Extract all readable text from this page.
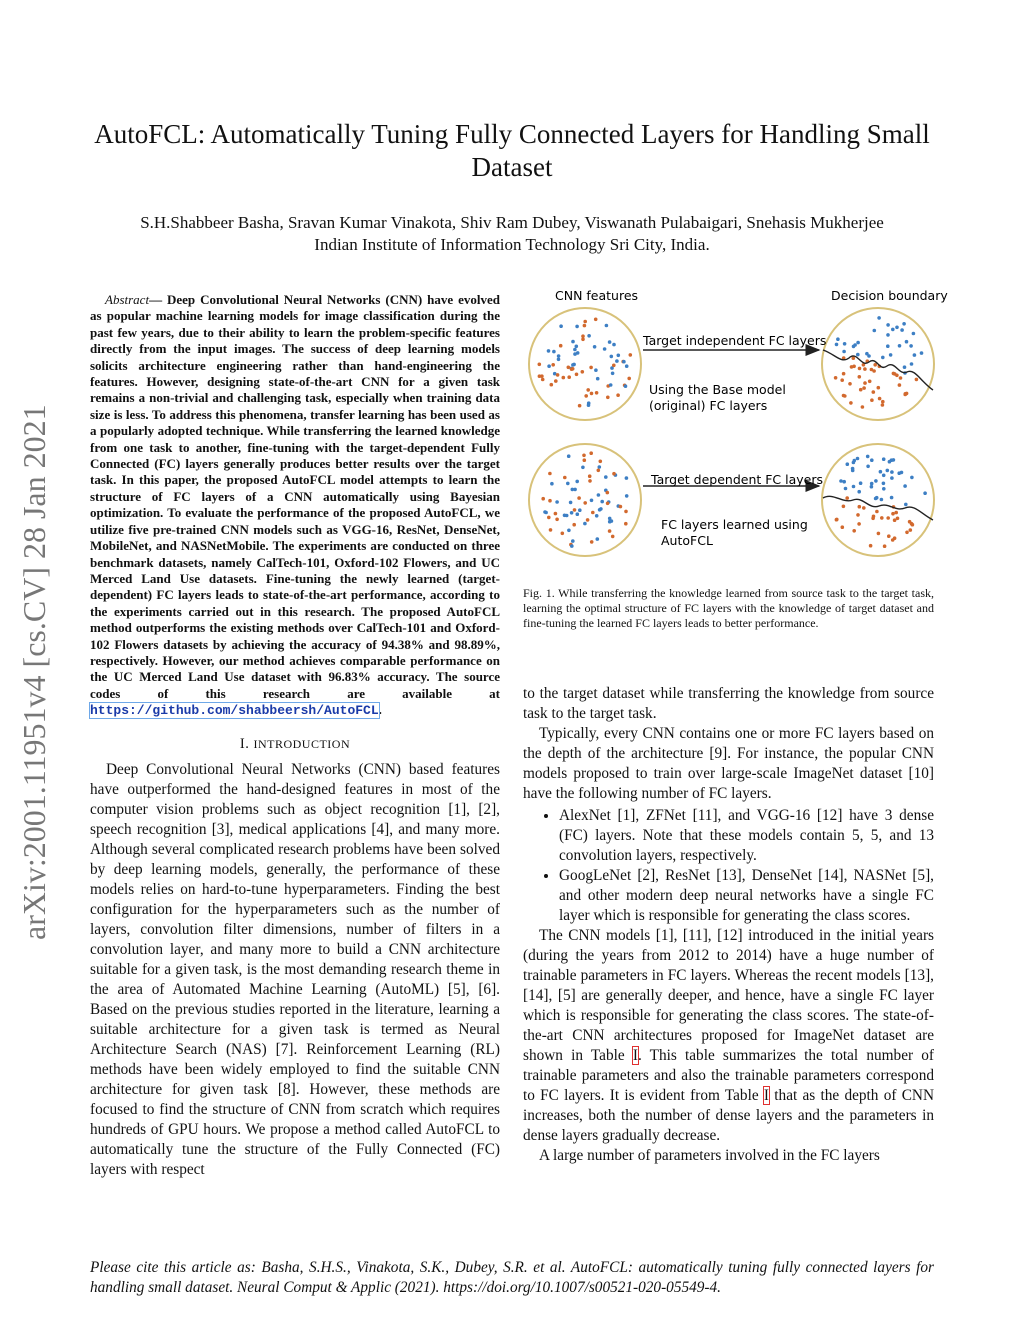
AutoFCL: Automatically Tuning Fully Connected Layers for Handling Small Dataset
S.H.Shabbeer Basha, Sravan Kumar Vinakota, Shiv Ram Dubey, Viswanath Pulabaigari, Snehasis Mukherjee
Indian Institute of Information Technology Sri City, India.
arXiv:2001.11951v4 [cs.CV] 28 Jan 2021

Abstract— Deep Convolutional Neural Networks (CNN) have evolved as popular machine learning models for image classification during the past few years, due to their ability to learn the problem-specific features directly from the input images. The success of deep learning models solicits architecture engineering rather than hand-engineering the features. However, designing state-of-the-art CNN for a given task remains a non-trivial and challenging task, especially when training data size is less. To address this phenomena, transfer learning has been used as a popularly adopted technique. While transferring the learned knowledge from one task to another, fine-tuning with the target-dependent Fully Connected (FC) layers generally produces better results over the target task. In this paper, the proposed AutoFCL model attempts to learn the structure of FC layers of a CNN automatically using Bayesian optimization. To evaluate the performance of the proposed AutoFCL, we utilize five pre-trained CNN models such as VGG-16, ResNet, DenseNet, MobileNet, and NASNetMobile. The experiments are conducted on three benchmark datasets, namely CalTech-101, Oxford-102 Flowers, and UC Merced Land Use datasets. Fine-tuning the newly learned (target-dependent) FC layers leads to state-of-the-art performance, according to the experiments carried out in this research. The proposed AutoFCL method outperforms the existing methods over CalTech-101 and Oxford-102 Flowers datasets by achieving the accuracy of 94.38% and 98.89%, respectively. However, our method achieves comparable performance on the UC Merced Land Use dataset with 96.83% accuracy. The source codes of this research are available at https://github.com/shabbeersh/AutoFCL.

I. INTRODUCTION

Deep Convolutional Neural Networks (CNN) based features have outperformed the hand-designed features in most of the computer vision problems such as object recognition [1], [2], speech recognition [3], medical applications [4], and many more. Although several complicated research problems have been solved by deep learning models, generally, the performance of these models relies on hard-to-tune hyperparameters. Finding the best configuration for the hyperparameters such as the number of layers, convolution filter dimensions, number of filters in a convolution layer, and many more to build a CNN architecture suitable for a given task, is the most demanding research theme in the area of Automated Machine Learning (AutoML) [5], [6]. Based on the previous studies reported in the literature, learning a suitable architecture for a given task is termed as Neural Architecture Search (NAS) [7]. Reinforcement Learning (RL) methods have been widely employed to find the suitable CNN architecture for given task [8]. However, these methods are focused to find the structure of CNN from scratch which requires hundreds of GPU hours. We propose a method called AutoFCL to automatically tune the structure of the Fully Connected (FC) layers with respect

CNN features	Decision boundary
Target independent FC layers
Using the Base model
(original) FC layers
Target dependent FC layers
FC layers learned using
AutoFCL
Fig. 1. While transferring the knowledge learned from source task to the target task, learning the optimal structure of FC layers with the knowledge of target dataset and fine-tuning the learned FC layers leads to better performance.

to the target dataset while transferring the knowledge from source task to the target task.

Typically, every CNN contains one or more FC layers based on the depth of the architecture [9]. For instance, the popular CNN models proposed to train over large-scale ImageNet dataset [10] have the following number of FC layers.

• AlexNet [1], ZFNet [11], and VGG-16 [12] have 3 dense (FC) layers. Note that these models contain 5, 5, and 13 convolution layers, respectively.
• GoogLeNet [2], ResNet [13], DenseNet [14], NASNet [5], and other modern deep neural networks have a single FC layer which is responsible for generating the class scores.

The CNN models [1], [11], [12] introduced in the initial years (during the years from 2012 to 2014) have a huge number of trainable parameters in FC layers. Whereas the recent models [13], [14], [5] are generally deeper, and hence, have a single FC layer which is responsible for generating the class scores. The state-of-the-art CNN architectures proposed for ImageNet dataset are shown in Table I. This table summarizes the total number of trainable parameters and also the trainable parameters correspond to FC layers. It is evident from Table I that as the depth of CNN increases, both the number of dense layers and the parameters in dense layers gradually decrease.

A large number of parameters involved in the FC layers

Please cite this article as: Basha, S.H.S., Vinakota, S.K., Dubey, S.R. et al. AutoFCL: automatically tuning fully connected layers for handling small dataset. Neural Comput & Applic (2021). https://doi.org/10.1007/s00521-020-05549-4.
